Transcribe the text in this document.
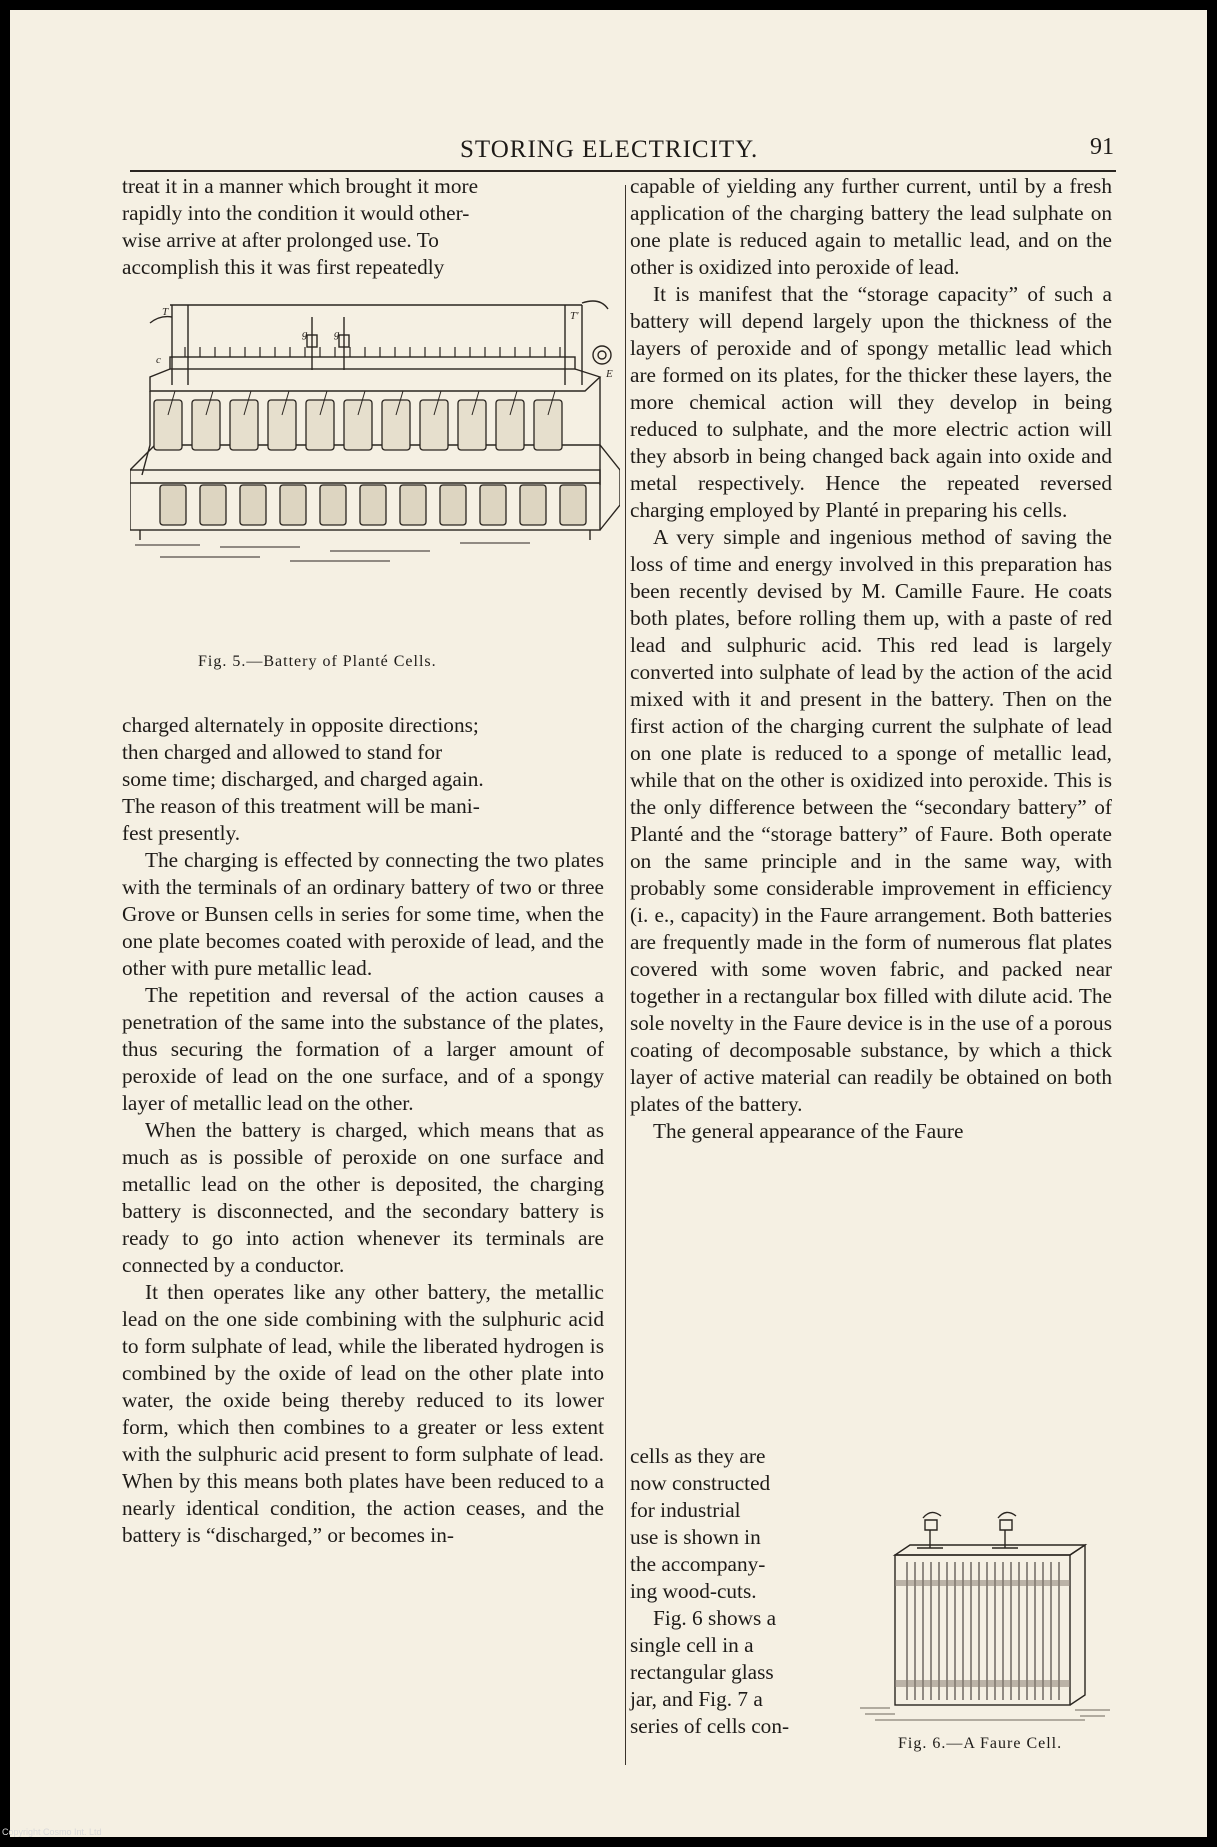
STORING ELECTRICITY.	91

treat it in a manner which brought it more

rapidly into the condition it would other-

wise arrive at after prolonged use. To

accomplish this it was first repeatedly

T	T'
g g
c
E
Fig. 5.—Battery of Planté Cells.

charged alternately in opposite directions;

then charged and allowed to stand for

some time; discharged, and charged again.

The reason of this treatment will be mani-

fest presently.

The charging is effected by connecting the two plates with the terminals of an ordinary battery of two or three Grove or Bunsen cells in series for some time, when the one plate becomes coated with peroxide of lead, and the other with pure metallic lead.

The repetition and reversal of the action causes a penetration of the same into the substance of the plates, thus securing the formation of a larger amount of peroxide of lead on the one surface, and of a spongy layer of metallic lead on the other.

When the battery is charged, which means that as much as is possible of peroxide on one surface and metallic lead on the other is deposited, the charging battery is disconnected, and the secondary battery is ready to go into action whenever its terminals are connected by a conductor.

It then operates like any other battery, the metallic lead on the one side combining with the sulphuric acid to form sulphate of lead, while the liberated hydrogen is combined by the oxide of lead on the other plate into water, the oxide being thereby reduced to its lower form, which then combines to a greater or less extent with the sulphuric acid present to form sulphate of lead. When by this means both plates have been reduced to a nearly identical condition, the action ceases, and the battery is “discharged,” or becomes in-

capable of yielding any further current, until by a fresh application of the charging battery the lead sulphate on one plate is reduced again to metallic lead, and on the other is oxidized into peroxide of lead.

It is manifest that the “storage capacity” of such a battery will depend largely upon the thickness of the layers of peroxide and of spongy metallic lead which are formed on its plates, for the thicker these layers, the more chemical action will they develop in being reduced to sulphate, and the more electric action will they absorb in being changed back again into oxide and metal respectively. Hence the repeated reversed charging employed by Planté in preparing his cells.

A very simple and ingenious method of saving the loss of time and energy involved in this preparation has been recently devised by M. Camille Faure. He coats both plates, before rolling them up, with a paste of red lead and sulphuric acid. This red lead is largely converted into sulphate of lead by the action of the acid mixed with it and present in the battery. Then on the first action of the charging current the sulphate of lead on one plate is reduced to a sponge of metallic lead, while that on the other is oxidized into peroxide. This is the only difference between the “secondary battery” of Planté and the “storage battery” of Faure. Both operate on the same principle and in the same way, with probably some considerable improvement in efficiency (i. e., capacity) in the Faure arrangement. Both batteries are frequently made in the form of numerous flat plates covered with some woven fabric, and packed near together in a rectangular box filled with dilute acid. The sole novelty in the Faure device is in the use of a porous coating of decomposable substance, by which a thick layer of active material can readily be obtained on both plates of the battery.

The general appearance of the Faure

cells as they are

now constructed

for industrial

use is shown in

the accompany-

ing wood-cuts.

Fig. 6 shows a

single cell in a

rectangular glass

jar, and Fig. 7 a

series of cells con-

Fig. 6.—A Faure Cell.
Copyright Cosmo Int. Ltd
